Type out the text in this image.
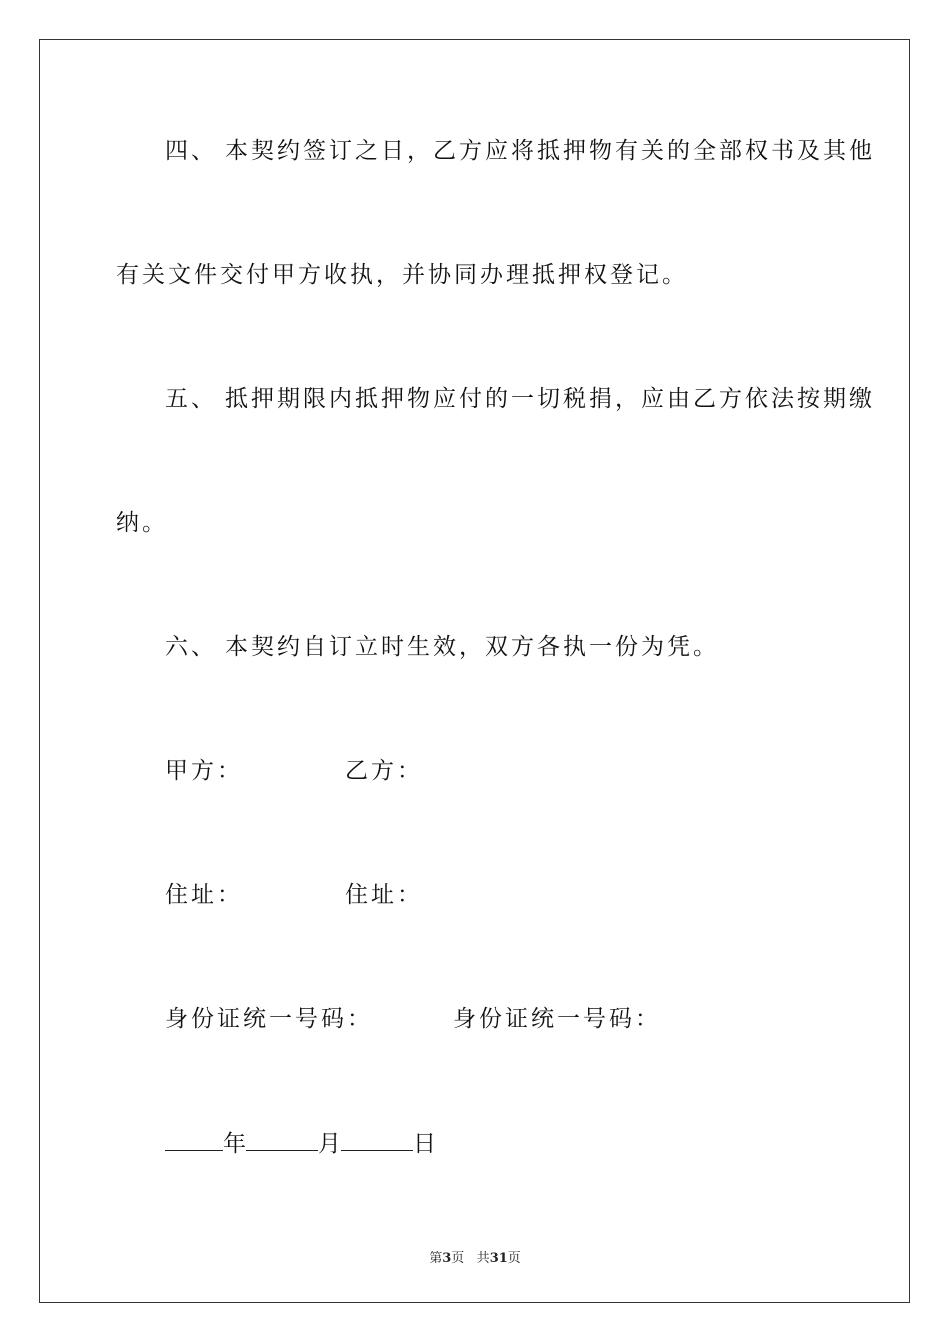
四、 本契约签订之日，乙方应将抵押物有关的全部权书及其他
有关文件交付甲方收执，并协同办理抵押权登记。
五、 抵押期限内抵押物应付的一切税捐，应由乙方依法按期缴
纳。
六、 本契约自订立时生效，双方各执一份为凭。
甲方：	乙方：
住址：	住址：
身份证统一号码：	身份证统一号码：
年	月	日
第3页 共31页
